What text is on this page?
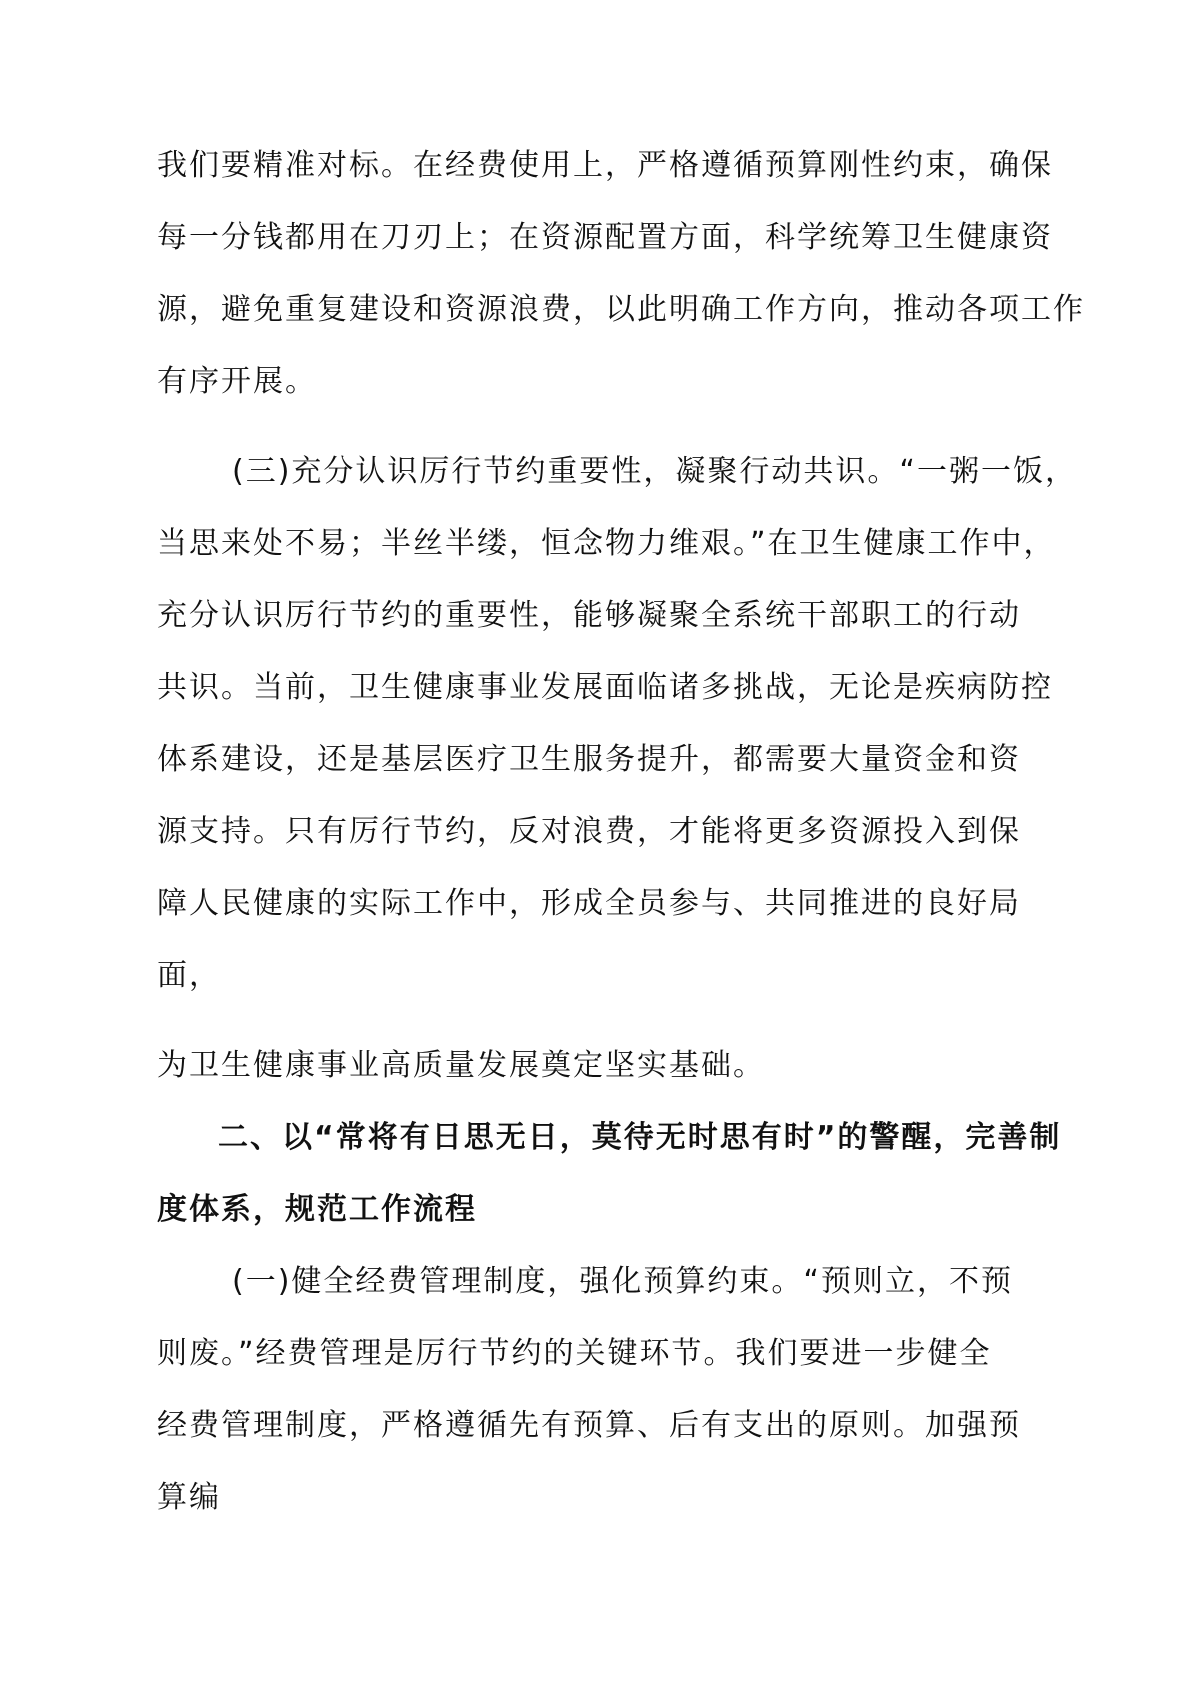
我们要精准对标。在经费使用上，严格遵循预算刚性约束，确保
每一分钱都用在刀刃上；在资源配置方面，科学统筹卫生健康资
源，避免重复建设和资源浪费，以此明确工作方向，推动各项工作
有序开展。
(三)充分认识厉行节约重要性，凝聚行动共识。“一粥一饭，
当思来处不易；半丝半缕，恒念物力维艰。”在卫生健康工作中，
充分认识厉行节约的重要性，能够凝聚全系统干部职工的行动
共识。当前，卫生健康事业发展面临诸多挑战，无论是疾病防控
体系建设，还是基层医疗卫生服务提升，都需要大量资金和资
源支持。只有厉行节约，反对浪费，才能将更多资源投入到保
障人民健康的实际工作中，形成全员参与、共同推进的良好局
面，
为卫生健康事业高质量发展奠定坚实基础。
二、以“常将有日思无日，莫待无时思有时”的警醒，完善制
度体系，规范工作流程
(一)健全经费管理制度，强化预算约束。“预则立，不预
则废。”经费管理是厉行节约的关键环节。我们要进一步健全
经费管理制度，严格遵循先有预算、后有支出的原则。加强预
算编
